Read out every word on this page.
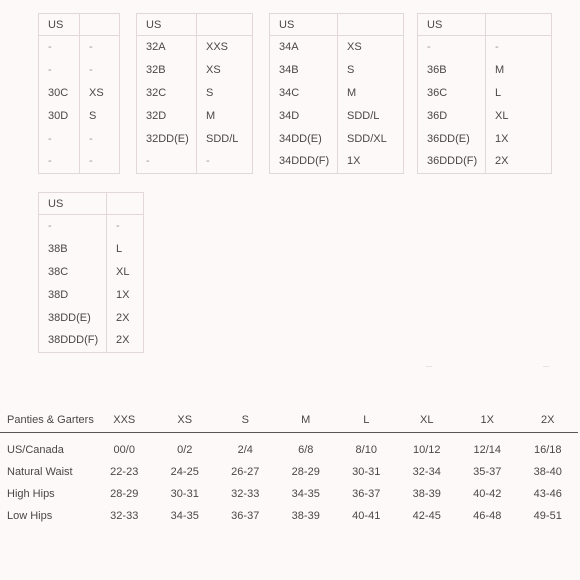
US	
-	-
-	-
30C	XS
30D	S
-	-
-	-
US	
32A	XXS
32B	XS
32C	S
32D	M
32DD(E)	SDD/L
-	-
US	
34A	XS
34B	S
34C	M
34D	SDD/L
34DD(E)	SDD/XL
34DDD(F)	1X
US	
-	-
36B	M
36C	L
36D	XL
36DD(E)	1X
36DDD(F)	2X
US	
-	-
38B	L
38C	XL
38D	1X
38DD(E)	2X
38DDD(F)	2X
—	—
Panties & Garters	XXS	XS	S	M	L	XL	1X	2X
US/Canada	00/0	0/2	2/4	6/8	8/10	10/12	12/14	16/18
Natural Waist	22-23	24-25	26-27	28-29	30-31	32-34	35-37	38-40
High Hips	28-29	30-31	32-33	34-35	36-37	38-39	40-42	43-46
Low Hips	32-33	34-35	36-37	38-39	40-41	42-45	46-48	49-51
